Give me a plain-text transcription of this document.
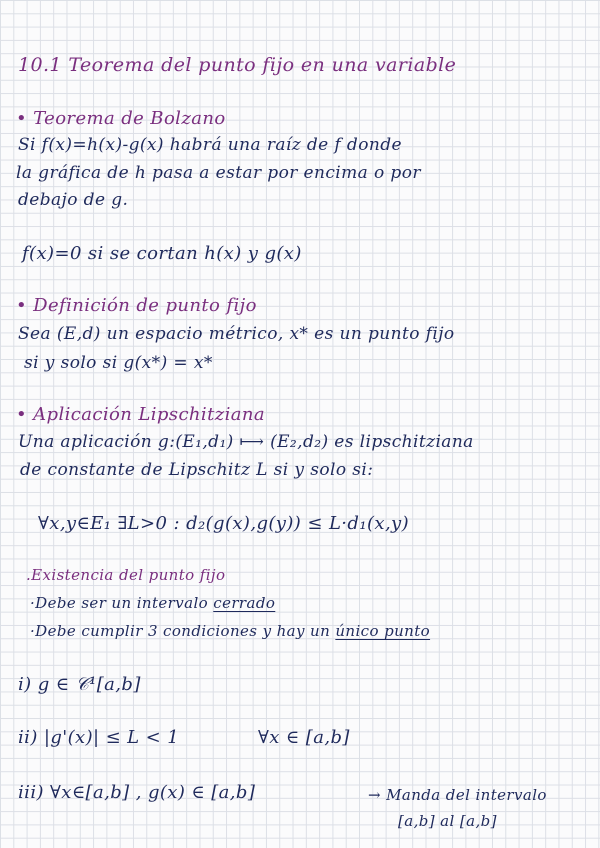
10.1 Teorema del punto fijo en una variable
• Teorema de Bolzano
Si f(x)=h(x)-g(x) habrá una raíz de f donde
la gráfica de h pasa a estar por encima o por
debajo de g.
f(x)=0 si se cortan h(x) y g(x)
• Definición de punto fijo
Sea (E,d) un espacio métrico, x* es un punto fijo
si y solo si g(x*) = x*
• Aplicación Lipschitziana
Una aplicación g:(E₁,d₁) ⟼ (E₂,d₂) es lipschitziana
de constante de Lipschitz L si y solo si:
∀x,y∈E₁ ∃L>0 : d₂(g(x),g(y)) ≤ L·d₁(x,y)
.Existencia del punto fijo
·Debe ser un intervalo cerrado
·Debe cumplir 3 condiciones y hay un único punto
i) g ∈ 𝒞¹[a,b]
ii) |g'(x)| ≤ L < 1	∀x ∈ [a,b]
iii) ∀x∈[a,b] , g(x) ∈ [a,b]	→ Manda del intervalo
[a,b] al [a,b]
